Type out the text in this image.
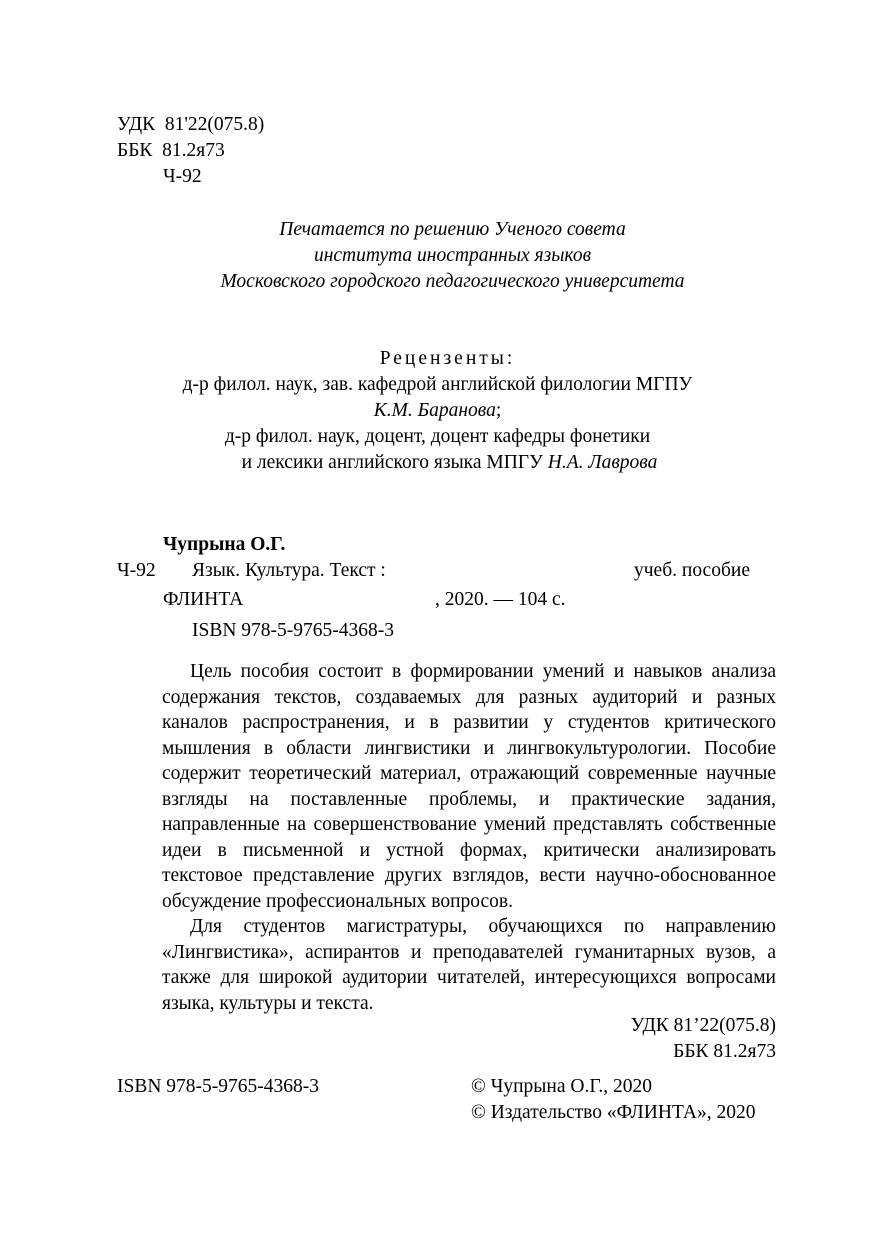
УДК 81'22(075.8)
ББК 81.2я73
Ч-92
Печатается по решению Ученого совета
института иностранных языков
Московского городского педагогического университета
Рецензенты:
д-р филол. наук, зав. кафедрой английской филологии МГПУ
К.М. Баранова;
д-р филол. наук, доцент, доцент кафедры фонетики
и лексики английского языка МПГУ Н.А. Лаврова
Чупрына О.Г.
Ч-92 Язык. Культура. Текст :	учеб. пособие
ФЛИНТА	, 2020. — 104 с.
ISBN 978-5-9765-4368-3

Цель пособия состоит в формировании умений и навыков анализа содержания текстов, создаваемых для разных аудиторий и разных каналов распространения, и в развитии у студентов критического мышления в области лингвистики и лингвокультурологии. Пособие содержит теоретический материал, отражающий современные научные взгляды на поставленные проблемы, и практические задания, направленные на совершенствование умений представлять собственные идеи в письменной и устной формах, критически анализировать текстовое представление других взглядов, вести научно-обоснованное обсуждение профессиональных вопросов.

Для студентов магистратуры, обучающихся по направлению «Лингвистика», аспирантов и преподавателей гуманитарных вузов, а также для широкой аудитории читателей, интересующихся вопросами языка, культуры и текста.

УДК 81’22(075.8)
ББК 81.2я73
ISBN 978-5-9765-4368-3	© Чупрына О.Г., 2020
© Издательство «ФЛИНТА», 2020
